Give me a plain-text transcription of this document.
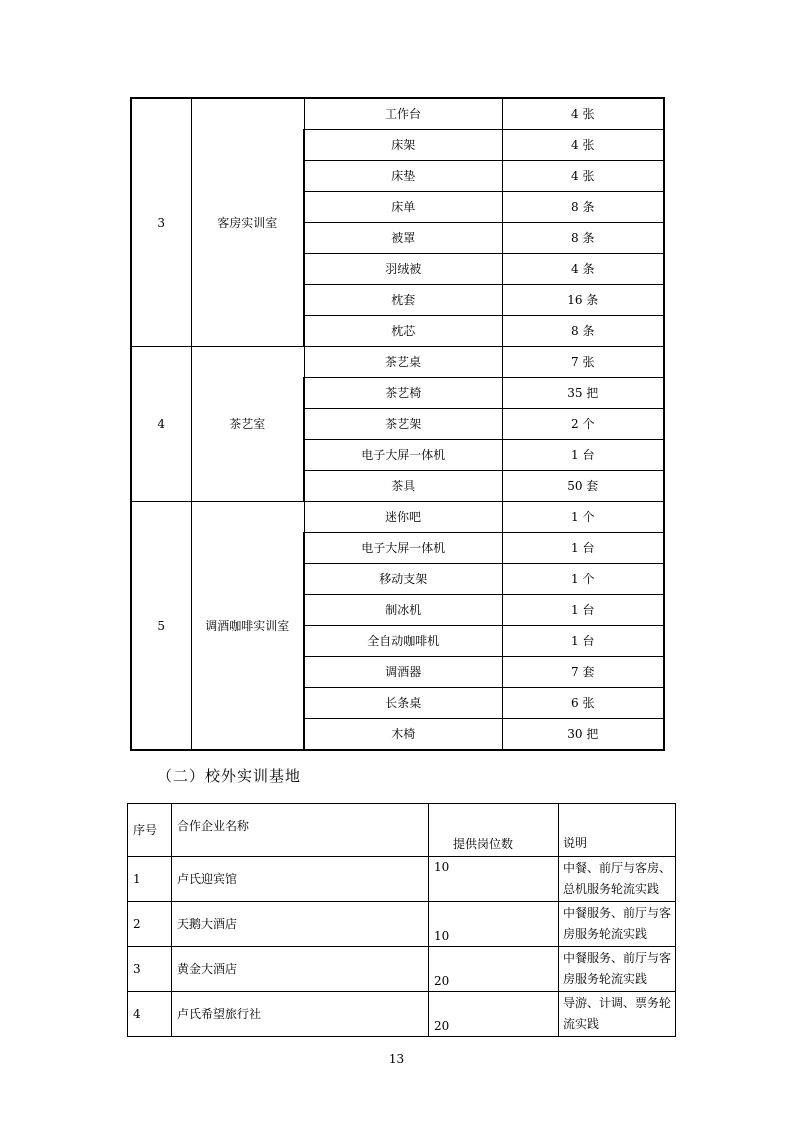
3	客房实训室	工作台	4 张
		床架	4 张
		床垫	4 张
		床单	8 条
		被罩	8 条
		羽绒被	4 条
		枕套	16 条
		枕芯	8 条
4	茶艺室	茶艺桌	7 张
		茶艺椅	35 把
		茶艺架	2 个
		电子大屏一体机	1 台
		茶具	50 套
5	调酒咖啡实训室	迷你吧	1 个
		电子大屏一体机	1 台
		移动支架	1 个
		制冰机	1 台
		全自动咖啡机	1 台
		调酒器	7 套
		长条桌	6 张
		木椅	30 把
（二）校外实训基地
序号	合作企业名称	提供岗位数	说明
1	卢氏迎宾馆	10	中餐、前厅与客房、总机服务轮流实践
2	天鹅大酒店	10	中餐服务、前厅与客房服务轮流实践
3	黄金大酒店	20	中餐服务、前厅与客房服务轮流实践
4	卢氏希望旅行社	20	导游、计调、票务轮流实践
13
